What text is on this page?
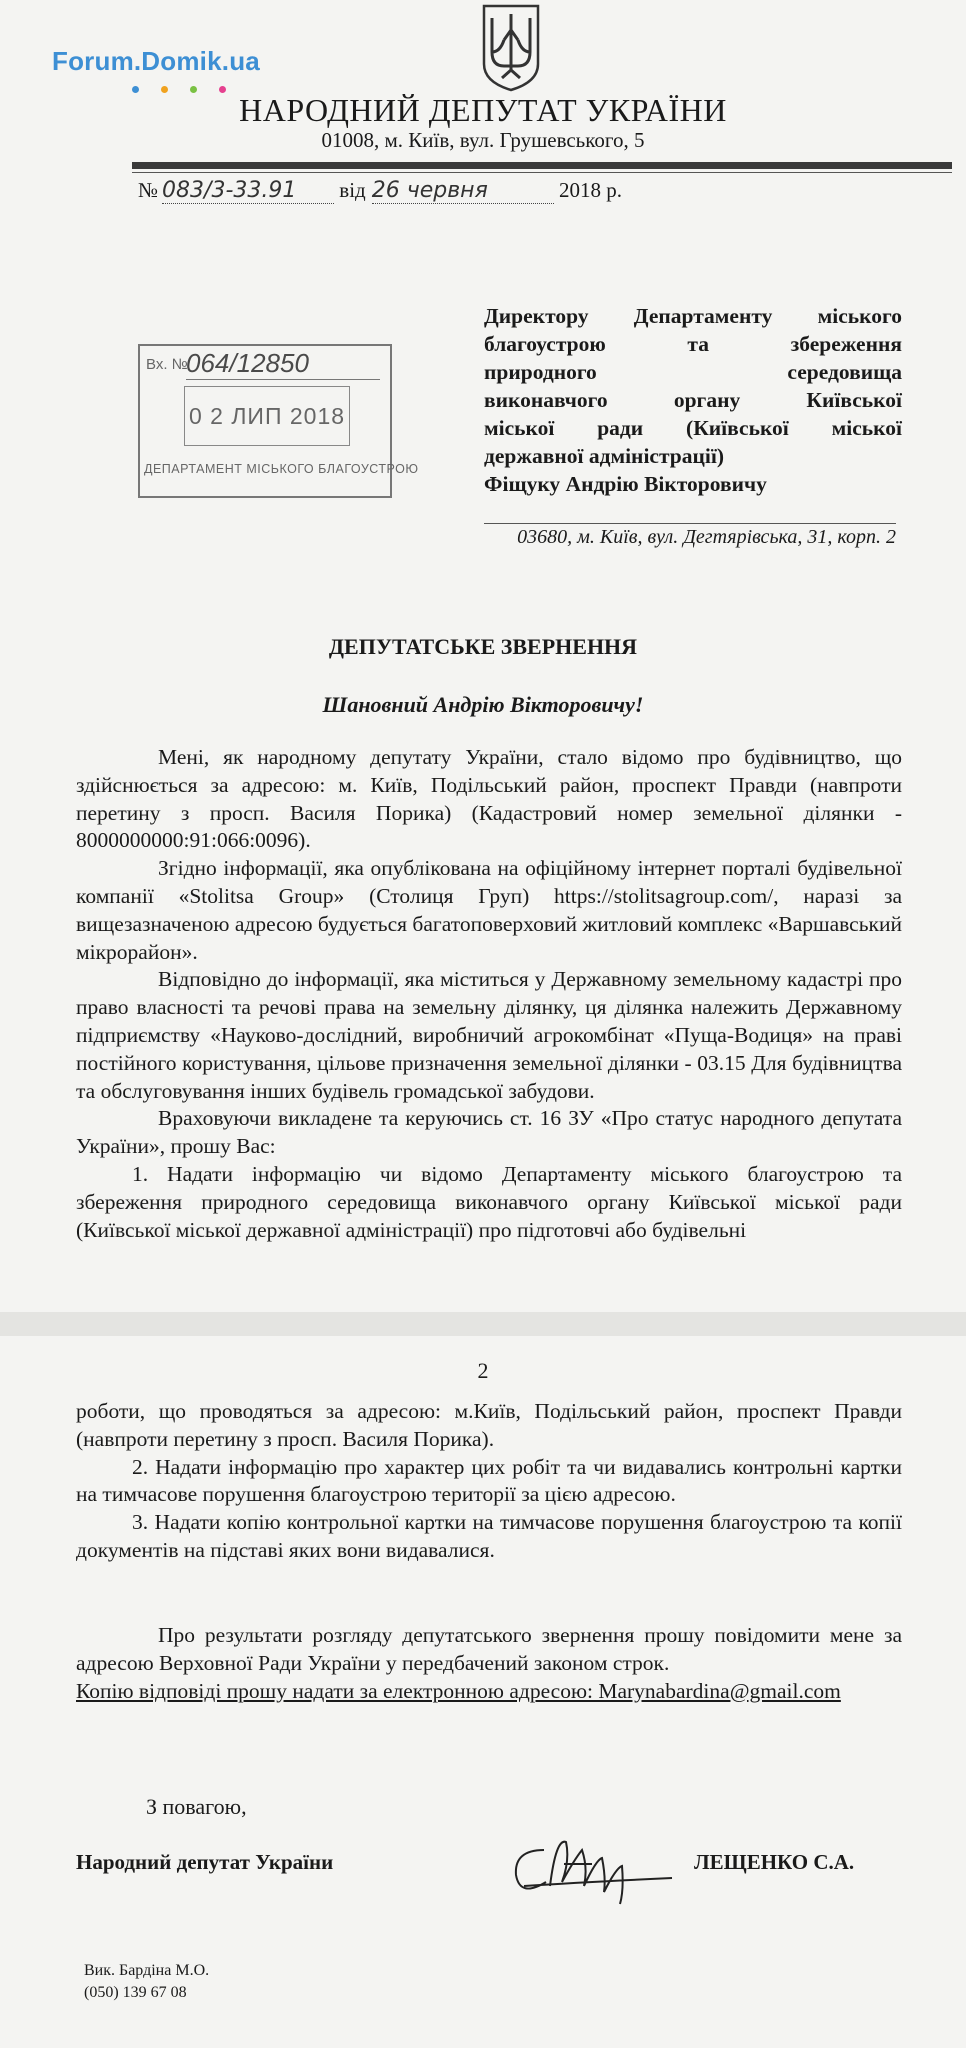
Forum.Domik.ua
НАРОДНИЙ ДЕПУТАТ УКРАЇНИ
01008, м. Київ, вул. Грушевського, 5
№ 083/3-33.91 від 26 червня	2018 р.
Вх. №
064/12850
0 2 ЛИП 2018
ДЕПАРТАМЕНТ МІСЬКОГО БЛАГОУСТРОЮ
Директору Департаменту міського
благоустрою та збереження
природного середовища
виконавчого органу Київської
міської ради (Київської міської
державної адміністрації)
Фіщуку Андрію Вікторовичу
03680, м. Київ, вул. Дегтярівська, 31, корп. 2
ДЕПУТАТСЬКЕ ЗВЕРНЕННЯ
Шановний Андрію Вікторовичу!

Мені, як народному депутату України, стало відомо про будівництво, що здійснюється за адресою: м. Київ, Подільський район, проспект Правди (навпроти перетину з просп. Василя Порика) (Кадастровий номер земельної ділянки - 8000000000:91:066:0096).

Згідно інформації, яка опублікована на офіційному інтернет порталі будівельної компанії «Stolitsa Group» (Столиця Груп) https://stolitsagroup.com/, наразі за вищезазначеною адресою будується багатоповерховий житловий комплекс «Варшавський мікрорайон».

Відповідно до інформації, яка міститься у Державному земельному кадастрі про право власності та речові права на земельну ділянку, ця ділянка належить Державному підприємству «Науково-дослідний, виробничий агрокомбінат «Пуща-Водиця» на праві постійного користування, цільове призначення земельної ділянки - 03.15 Для будівництва та обслуговування інших будівель громадської забудови.

Враховуючи викладене та керуючись ст. 16 ЗУ «Про статус народного депутата України», прошу Вас:

1. Надати інформацію чи відомо Департаменту міського благоустрою та збереження природного середовища виконавчого органу Київської міської ради (Київської міської державної адміністрації) про підготовчі або будівельні

2

роботи, що проводяться за адресою: м.Київ, Подільський район, проспект Правди (навпроти перетину з просп. Василя Порика).

2. Надати інформацію про характер цих робіт та чи видавались контрольні картки на тимчасове порушення благоустрою території за цією адресою.

3. Надати копію контрольної картки на тимчасове порушення благоустрою та копії документів на підставі яких вони видавалися.

Про результати розгляду депутатського звернення прошу повідомити мене за адресою Верховної Ради України у передбачений законом строк.

Копію відповіді прошу надати за електронною адресою: Marynabardina@gmail.com

З повагою,
Народний депутат України	ЛЕЩЕНКО С.А.
Вик. Бардіна М.О.
(050) 139 67 08
